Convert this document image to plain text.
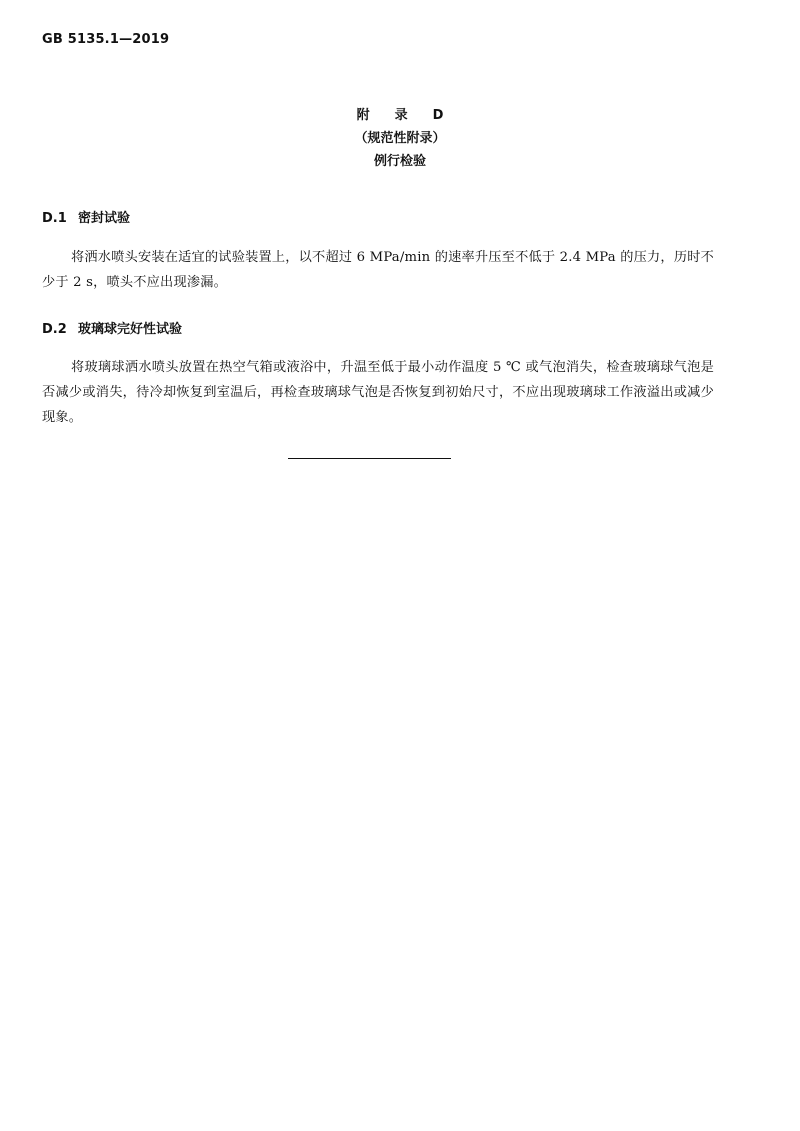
GB 5135.1—2019
附　录　D
（规范性附录）
例行检验
D.1 密封试验
将洒水喷头安装在适宜的试验装置上，以不超过 6 MPa/min 的速率升压至不低于 2.4 MPa 的压力，历时不少于 2 s，喷头不应出现渗漏。
D.2 玻璃球完好性试验
将玻璃球洒水喷头放置在热空气箱或液浴中，升温至低于最小动作温度 5 ℃ 或气泡消失，检查玻璃球气泡是否减少或消失，待冷却恢复到室温后，再检查玻璃球气泡是否恢复到初始尺寸，不应出现玻璃球工作液溢出或减少现象。
